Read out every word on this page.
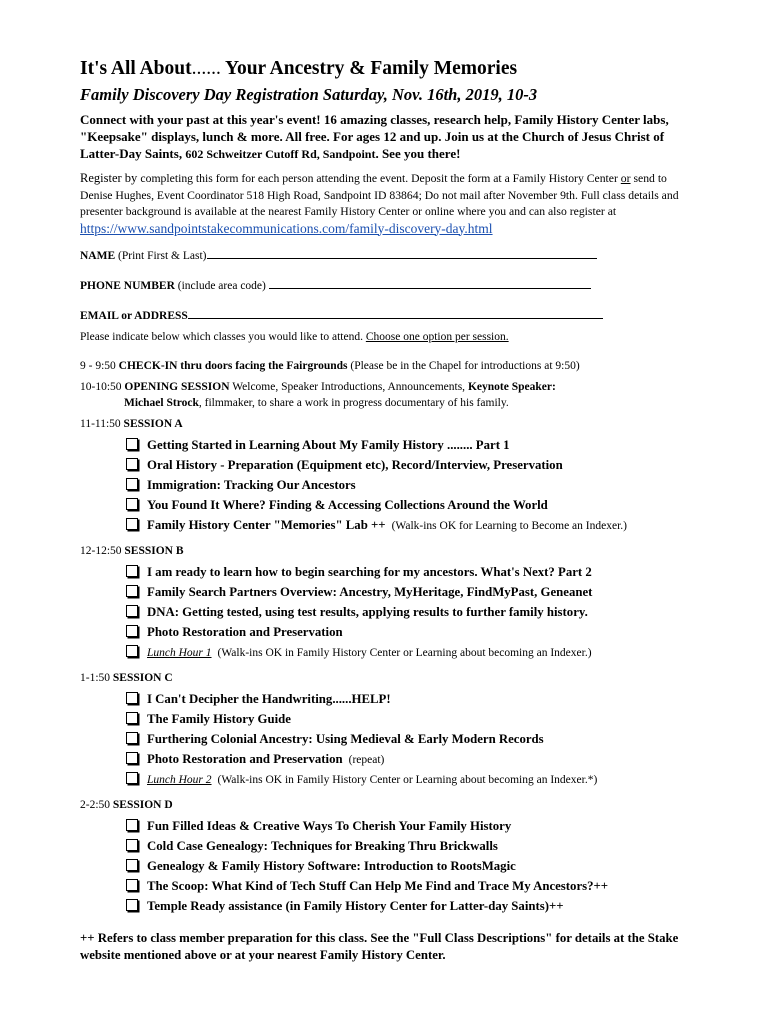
It's All About...... Your Ancestry & Family Memories
Family Discovery Day Registration Saturday, Nov. 16th, 2019, 10-3
Connect with your past at this year's event! 16 amazing classes, research help, Family History Center labs, "Keepsake" displays, lunch & more. All free. For ages 12 and up. Join us at the Church of Jesus Christ of Latter-Day Saints, 602 Schweitzer Cutoff Rd, Sandpoint. See you there!
Register by completing this form for each person attending the event. Deposit the form at a Family History Center or send to Denise Hughes, Event Coordinator 518 High Road, Sandpoint ID 83864; Do not mail after November 9th. Full class details and presenter background is available at the nearest Family History Center or online where you and can also register at https://www.sandpointstakecommunications.com/family-discovery-day.html
NAME (Print First & Last)
PHONE NUMBER (include area code)
EMAIL or ADDRESS
Please indicate below which classes you would like to attend. Choose one option per session.
9 - 9:50 CHECK-IN thru doors facing the Fairgrounds (Please be in the Chapel for introductions at 9:50)
10-10:50 OPENING SESSION Welcome, Speaker Introductions, Announcements, Keynote Speaker:
Michael Strock, filmmaker, to share a work in progress documentary of his family.
11-11:50 SESSION A
Getting Started in Learning About My Family History ........ Part 1
Oral History - Preparation (Equipment etc), Record/Interview, Preservation
Immigration: Tracking Our Ancestors
You Found It Where? Finding & Accessing Collections Around the World
Family History Center "Memories" Lab ++ (Walk-ins OK for Learning to Become an Indexer.)
12-12:50 SESSION B
I am ready to learn how to begin searching for my ancestors. What's Next? Part 2
Family Search Partners Overview: Ancestry, MyHeritage, FindMyPast, Geneanet
DNA: Getting tested, using test results, applying results to further family history.
Photo Restoration and Preservation
Lunch Hour 1 (Walk-ins OK in Family History Center or Learning about becoming an Indexer.)
1-1:50 SESSION C
I Can't Decipher the Handwriting......HELP!
The Family History Guide
Furthering Colonial Ancestry: Using Medieval & Early Modern Records
Photo Restoration and Preservation (repeat)
Lunch Hour 2 (Walk-ins OK in Family History Center or Learning about becoming an Indexer.*)
2-2:50 SESSION D
Fun Filled Ideas & Creative Ways To Cherish Your Family History
Cold Case Genealogy: Techniques for Breaking Thru Brickwalls
Genealogy & Family History Software: Introduction to RootsMagic
The Scoop: What Kind of Tech Stuff Can Help Me Find and Trace My Ancestors?++
Temple Ready assistance (in Family History Center for Latter-day Saints)++
++ Refers to class member preparation for this class. See the "Full Class Descriptions" for details at the Stake website mentioned above or at your nearest Family History Center.
